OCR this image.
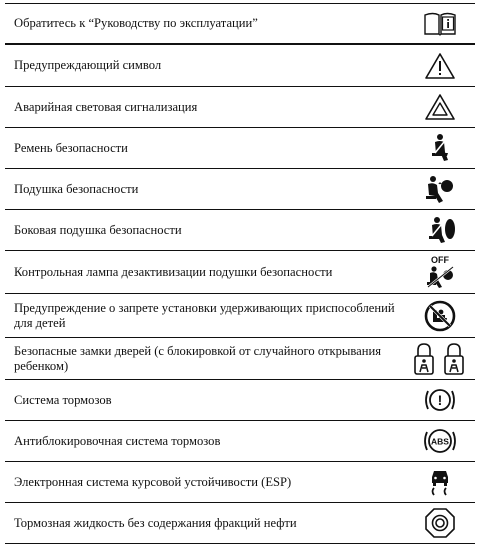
Обратитесь к “Руководству по эксплуатации”
Предупреждающий символ
Аварийная световая сигнализация
Ремень безопасности
Подушка безопасности
Боковая подушка безопасности
Контрольная лампа дезактивизации подушки безопасности
OFF
Предупреждение о запрете установки удерживающих приспособлений для детей
Безопасные замки дверей (с блокировкой от случайного открывания ребенком)
Система тормозов	!
Антиблокировочная система тормозов	ABS
Электронная система курсовой устойчивости (ESP)
Тормозная жидкость без содержания фракций нефти
